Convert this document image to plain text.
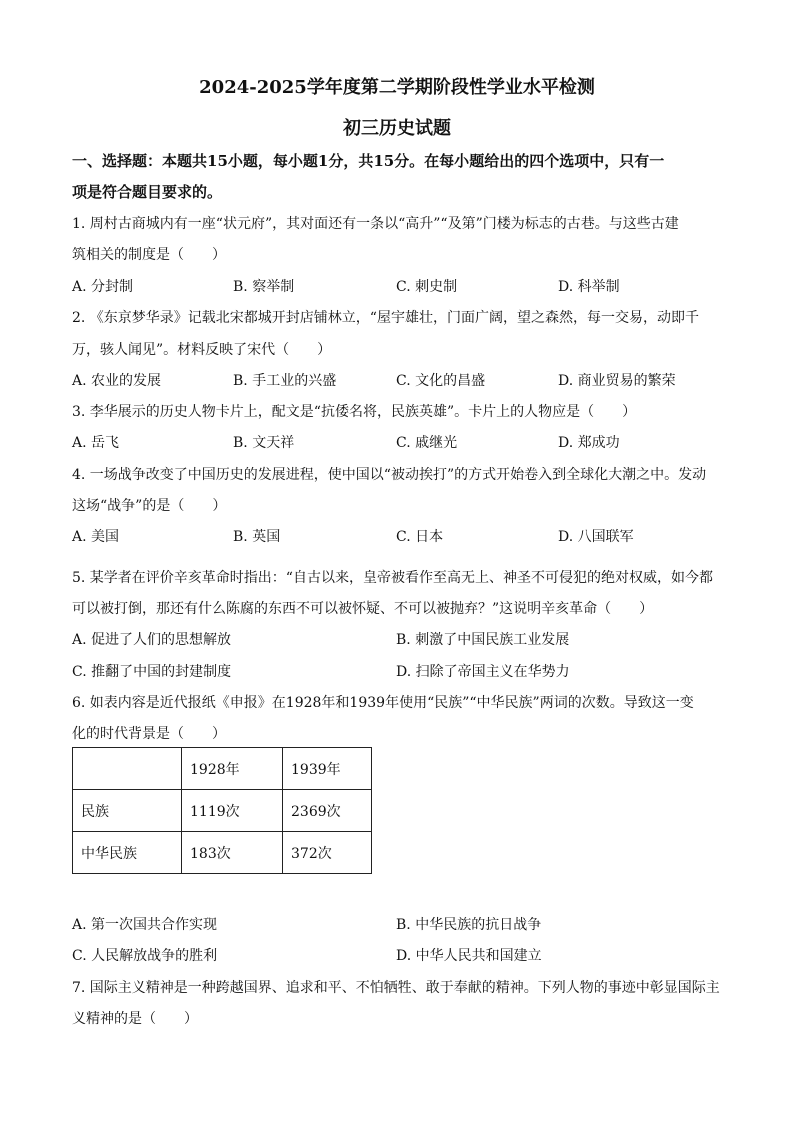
2024-2025学年度第二学期阶段性学业水平检测
初三历史试题
一、选择题：本题共15小题，每小题1分，共15分。在每小题给出的四个选项中，只有一
项是符合题目要求的。
1. 周村古商城内有一座“状元府”，其对面还有一条以“高升”“及第”门楼为标志的古巷。与这些古建
筑相关的制度是（　　）
A. 分封制	B. 察举制	C. 刺史制	D. 科举制
2. 《东京梦华录》记载北宋都城开封店铺林立，“屋宇雄壮，门面广阔，望之森然，每一交易，动即千
万，骇人闻见”。材料反映了宋代（　　）
A. 农业的发展	B. 手工业的兴盛	C. 文化的昌盛	D. 商业贸易的繁荣
3. 李华展示的历史人物卡片上，配文是“抗倭名将，民族英雄”。卡片上的人物应是（　　）
A. 岳飞	B. 文天祥	C. 戚继光	D. 郑成功
4. 一场战争改变了中国历史的发展进程，使中国以“被动挨打”的方式开始卷入到全球化大潮之中。发动
这场“战争”的是（　　）
A. 美国	B. 英国	C. 日本	D. 八国联军
5. 某学者在评价辛亥革命时指出：“自古以来，皇帝被看作至高无上、神圣不可侵犯的绝对权威，如今都
可以被打倒，那还有什么陈腐的东西不可以被怀疑、不可以被抛弃？”这说明辛亥革命（　　）
A. 促进了人们的思想解放	B. 刺激了中国民族工业发展
C. 推翻了中国的封建制度	D. 扫除了帝国主义在华势力
6. 如表内容是近代报纸《申报》在1928年和1939年使用“民族”“中华民族”两词的次数。导致这一变
化的时代背景是（　　）
	1928年	1939年
民族	1119次	2369次
中华民族	183次	372次
A. 第一次国共合作实现	B. 中华民族的抗日战争
C. 人民解放战争的胜利	D. 中华人民共和国建立
7. 国际主义精神是一种跨越国界、追求和平、不怕牺牲、敢于奉献的精神。下列人物的事迹中彰显国际主
义精神的是（　　）
